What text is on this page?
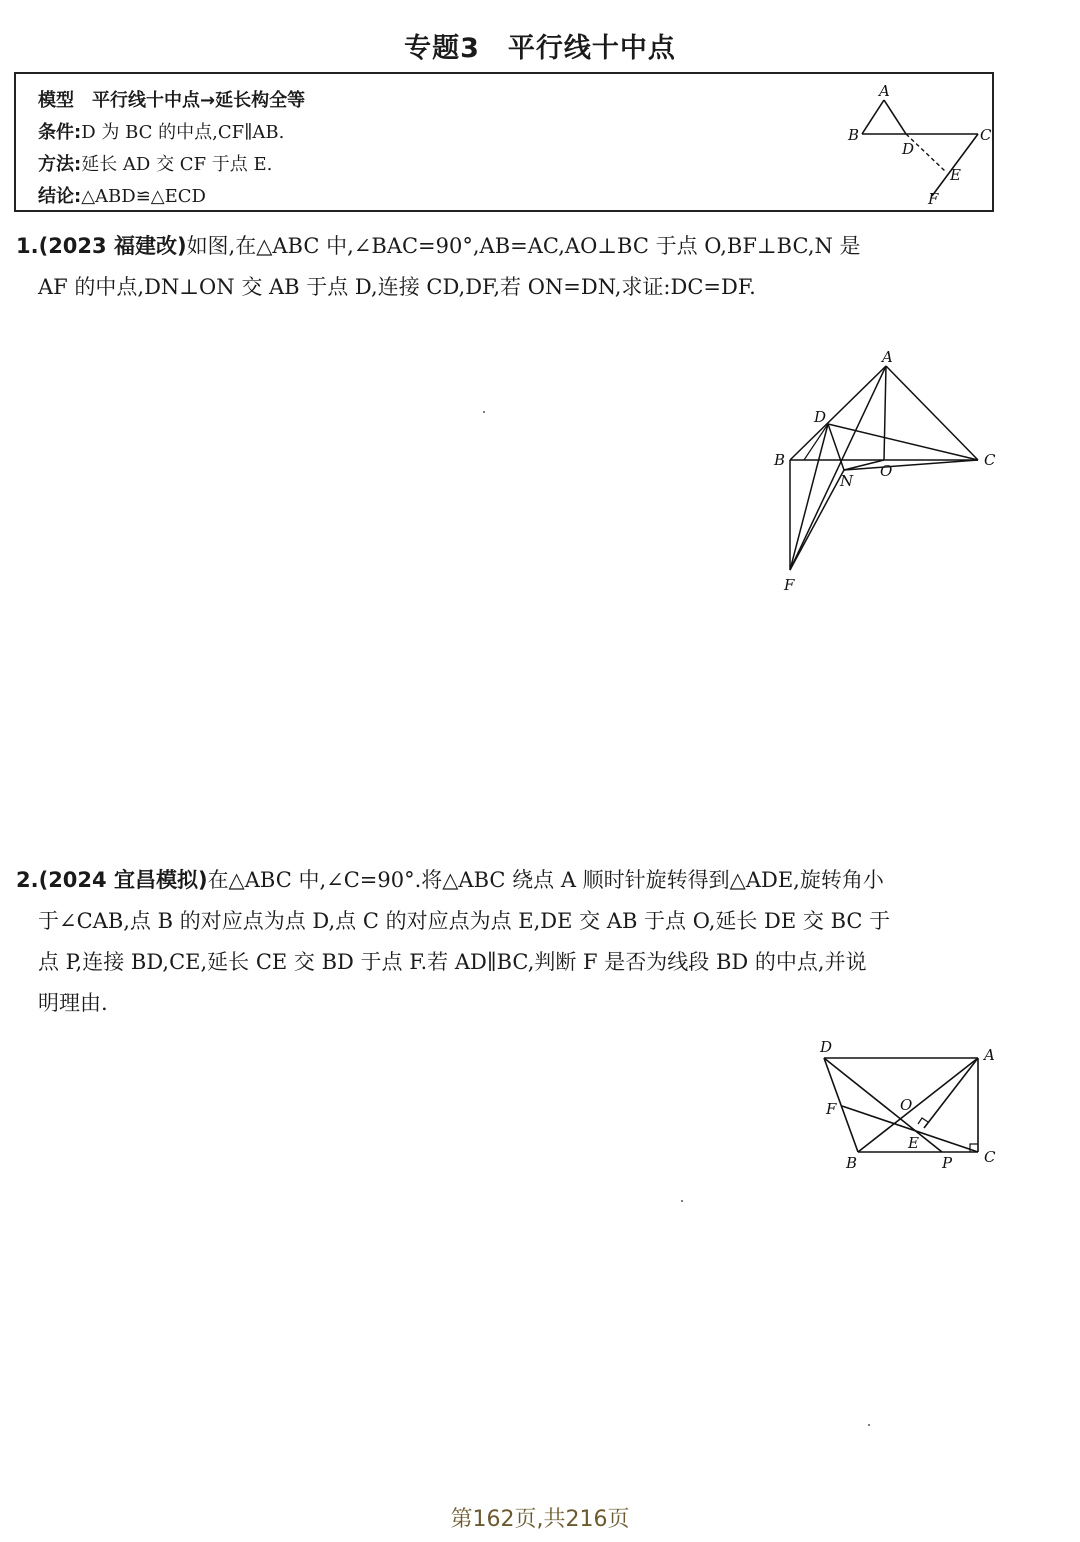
专题3 平行线十中点
模型 平行线十中点→延长构全等
条件:D 为 BC 的中点,CF∥AB.
方法:延长 AD 交 CF 于点 E.
结论:△ABD≌△ECD
A
B
D
C
E
F
1.(2023 福建改)如图,在△ABC 中,∠BAC=90°,AB=AC,AO⊥BC 于点 O,BF⊥BC,N 是
AF 的中点,DN⊥ON 交 AB 于点 D,连接 CD,DF,若 ON=DN,求证:DC=DF.
A
D
B	C
N
O
F
2.(2024 宜昌模拟)在△ABC 中,∠C=90°.将△ABC 绕点 A 顺时针旋转得到△ADE,旋转角小
于∠CAB,点 B 的对应点为点 D,点 C 的对应点为点 E,DE 交 AB 于点 O,延长 DE 交 BC 于
点 P,连接 BD,CE,延长 CE 交 BD 于点 F.若 AD∥BC,判断 F 是否为线段 BD 的中点,并说
明理由.
D	A
F	O
E
B	P C
第162页,共216页
